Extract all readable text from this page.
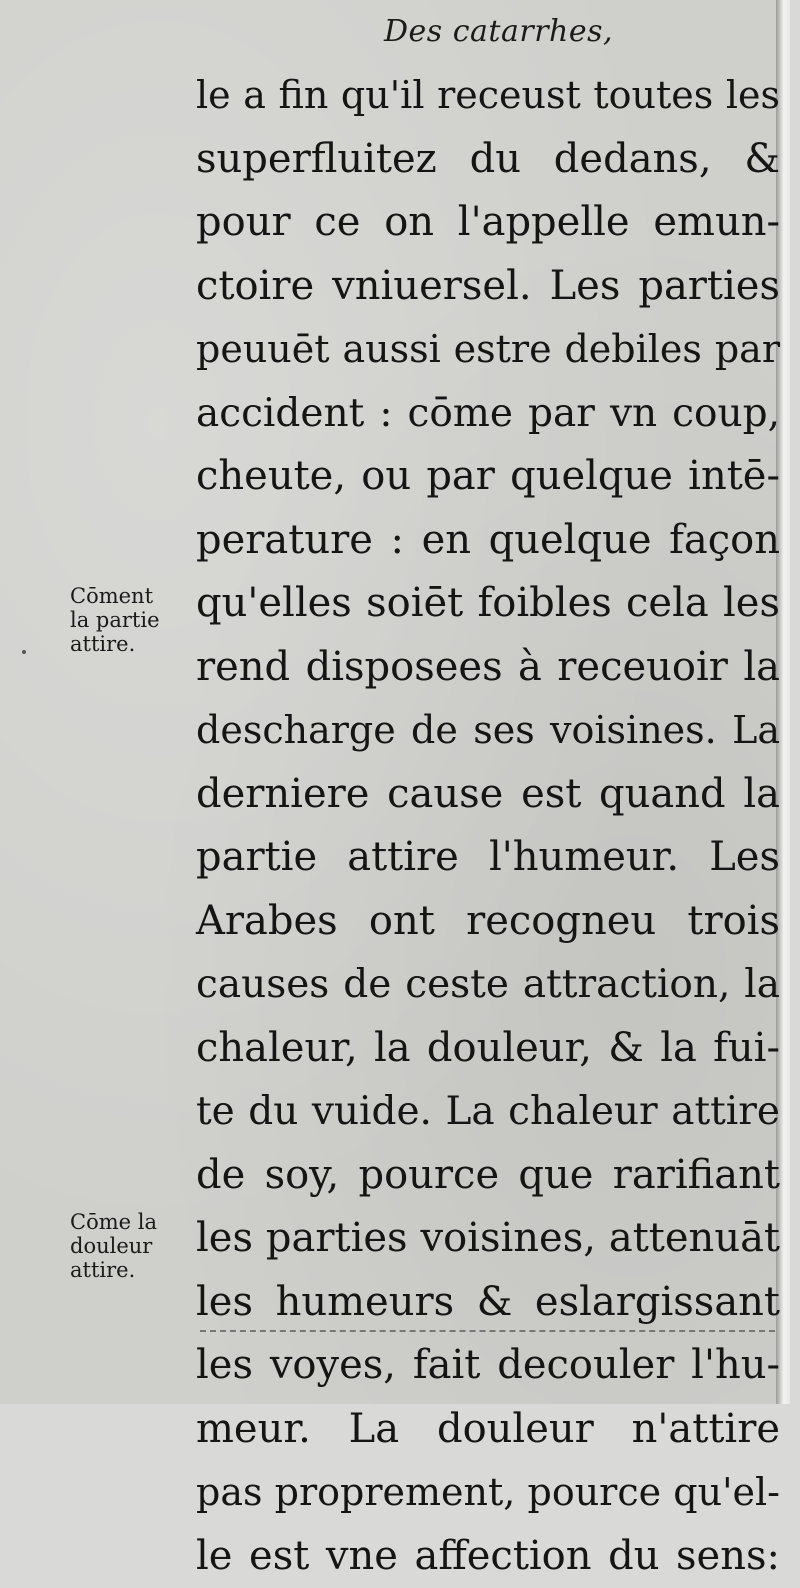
Des catarrhes,
le a fin qu'il receust toutes les
superfluitez du dedans, &
pour ce on l'appelle emun-
ctoire vniuersel. Les parties
peuuēt aussi estre debiles par
accident : cōme par vn coup,
cheute, ou par quelque intē-
perature : en quelque façon
qu'elles soiēt foibles cela les
rend disposees à receuoir la
descharge de ses voisines. La
derniere cause est quand la
partie attire l'humeur. Les
Arabes ont recogneu trois
causes de ceste attraction, la
chaleur, la douleur, & la fui-
te du vuide. La chaleur attire
de soy, pource que rarifiant
les parties voisines, attenuāt
les humeurs & eslargissant
les voyes, fait decouler l'hu-
meur. La douleur n'attire
pas proprement, pource qu'el-
le est vne affection du sens:
Cōment
la partie
attire.
Cōme la
douleur
attire.
